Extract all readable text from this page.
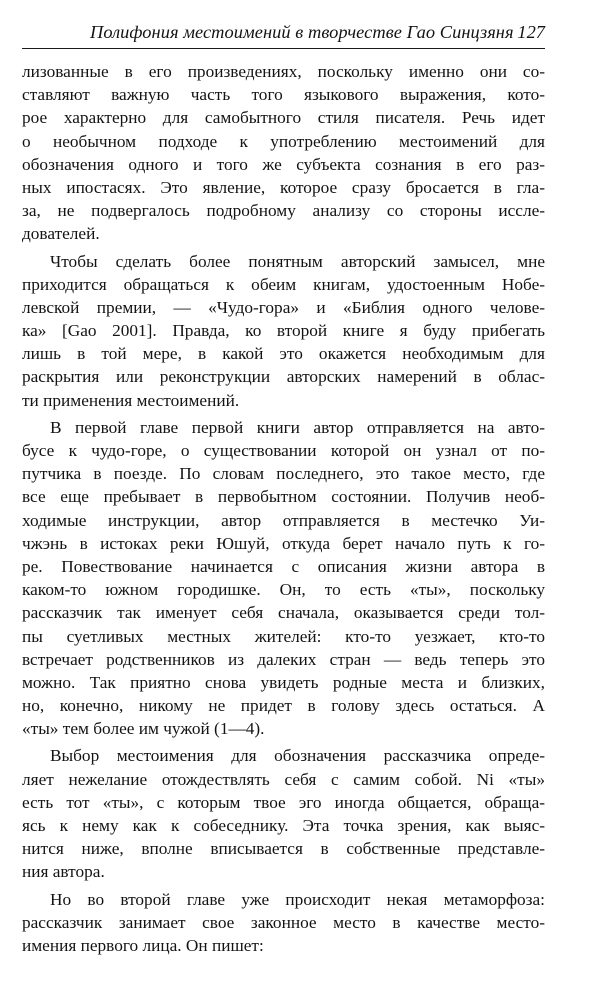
Полифония местоимений в творчестве Гао Синцзяня 127

лизованные в его произведениях, поскольку именно они со-
ставляют важную часть того языкового выражения, кото-
рое характерно для самобытного стиля писателя. Речь идет
о необычном подходе к употреблению местоимений для
обозначения одного и того же субъекта сознания в его раз-
ных ипостасях. Это явление, которое сразу бросается в гла-
за, не подвергалось подробному анализу со стороны иссле-
дователей.

Чтобы сделать более понятным авторский замысел, мне
приходится обращаться к обеим книгам, удостоенным Нобе-
левской премии, — «Чудо-гора» и «Библия одного челове-
ка» [Gao 2001]. Правда, ко второй книге я буду прибегать
лишь в той мере, в какой это окажется необходимым для
раскрытия или реконструкции авторских намерений в облас-
ти применения местоимений.

В первой главе первой книги автор отправляется на авто-
бусе к чудо-горе, о существовании которой он узнал от по-
путчика в поезде. По словам последнего, это такое место, где
все еще пребывает в первобытном состоянии. Получив необ-
ходимые инструкции, автор отправляется в местечко Уи-
чжэнь в истоках реки Юшуй, откуда берет начало путь к го-
ре. Повествование начинается с описания жизни автора в
каком-то южном городишке. Он, то есть «ты», поскольку
рассказчик так именует себя сначала, оказывается среди тол-
пы суетливых местных жителей: кто-то уезжает, кто-то
встречает родственников из далеких стран — ведь теперь это
можно. Так приятно снова увидеть родные места и близких,
но, конечно, никому не придет в голову здесь остаться. А
«ты» тем более им чужой (1—4).

Выбор местоимения для обозначения рассказчика опреде-
ляет нежелание отождествлять себя с самим собой. Ni «ты»
есть тот «ты», с которым твое эго иногда общается, обраща-
ясь к нему как к собеседнику. Эта точка зрения, как выяс-
нится ниже, вполне вписывается в собственные представле-
ния автора.

Но во второй главе уже происходит некая метаморфоза:
рассказчик занимает свое законное место в качестве место-
имения первого лица. Он пишет:
